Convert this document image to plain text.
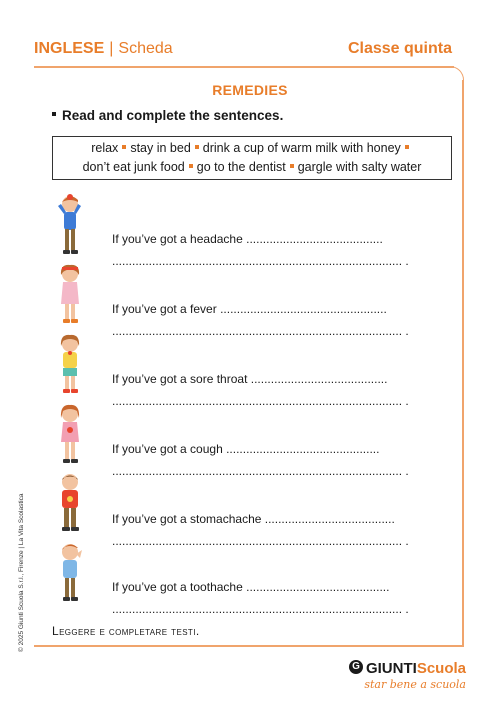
INGLESE | Scheda	Classe quinta
REMEDIES
Read and complete the sentences.
relax stay in bed drink a cup of warm milk with honey
don’t eat junk food go to the dentist gargle with salty water
If you’ve got a headache .........................................
....................................................................................... .
If you’ve got a fever ..................................................
....................................................................................... .
If you’ve got a sore throat .........................................
....................................................................................... .
If you’ve got a cough ..............................................
....................................................................................... .
If you’ve got a stomachache .......................................
....................................................................................... .
If you’ve got a toothache ...........................................
....................................................................................... .
Leggere e completare testi.
© 2025 Giunti Scuola S.r.l., Firenze | La Vita Scolastica
G GIUNTIScuola
star bene a scuola
